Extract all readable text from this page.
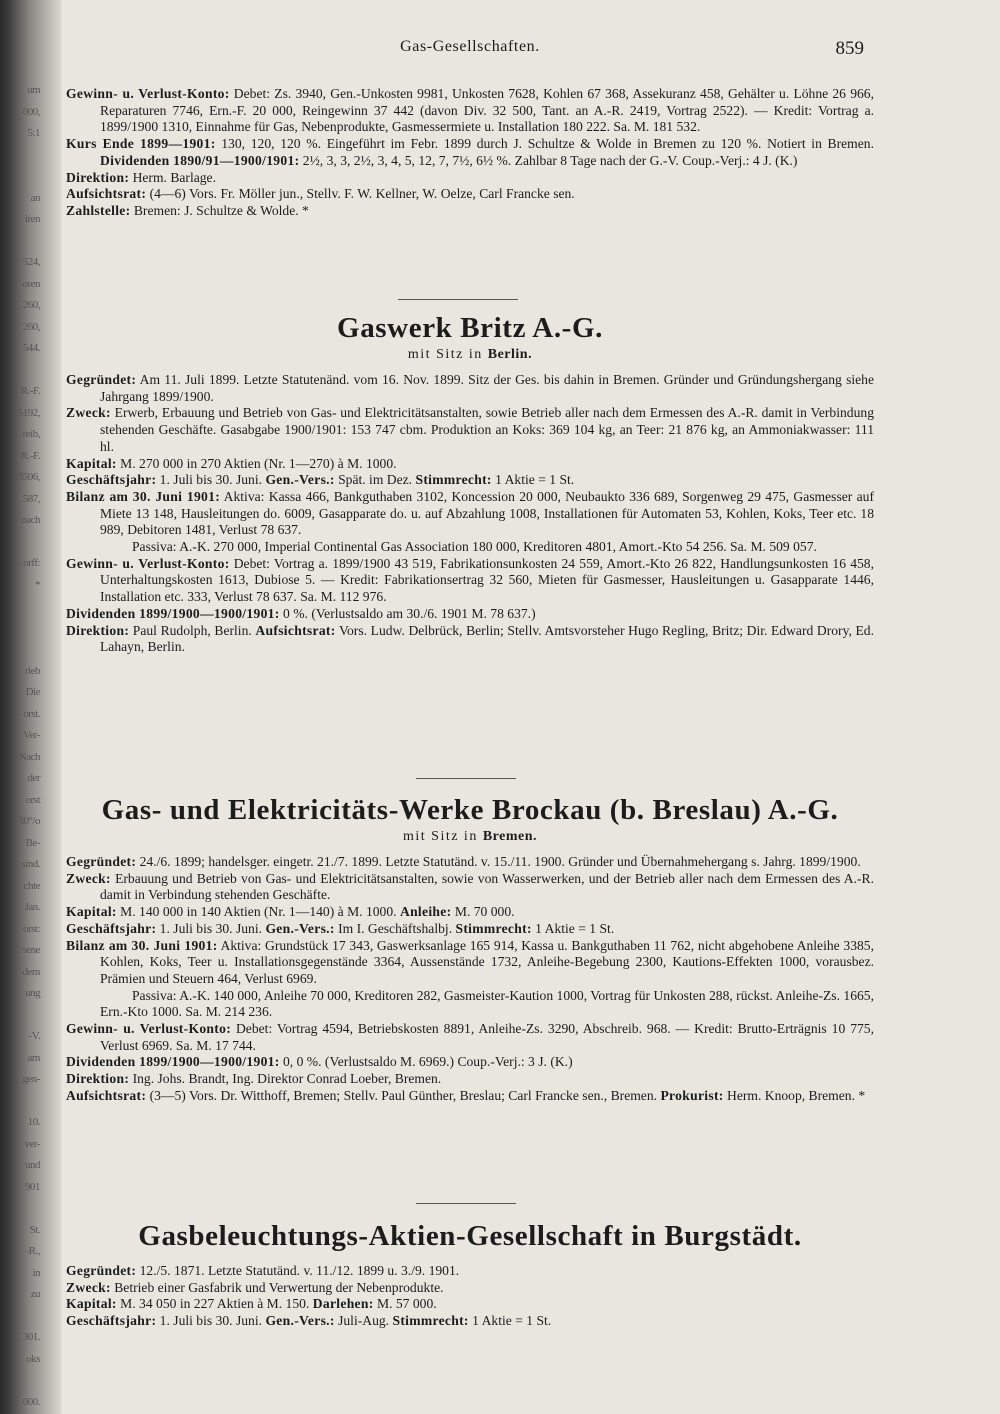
um
000,
5:1
an
iren
524,
oren
260,
260,
544.
R.-F.
5192,
reib,
R.-F.
3506,
587,
nach
orff:
*
rieb
Die
orst.
Ver-
Nach
der
orst
30°/o
Be-
sind.
chte
Jan.
orst:
sene
dem
ung
-V.
am
gen-
10.
ver-
und
901
St.
-R.,
in
zu
301.
oks
000.
Gas-Gesellschaften.	859

Gewinn- u. Verlust-Konto: Debet: Zs. 3940, Gen.-Unkosten 9981, Unkosten 7628, Kohlen 67 368, Assekuranz 458, Gehälter u. Löhne 26 966, Reparaturen 7746, Ern.-F. 20 000, Reingewinn 37 442 (davon Div. 32 500, Tant. an A.-R. 2419, Vortrag 2522). — Kredit: Vortrag a. 1899/1900 1310, Einnahme für Gas, Nebenprodukte, Gasmessermiete u. Installation 180 222. Sa. M. 181 532.

Kurs Ende 1899—1901: 130, 120, 120 %. Eingeführt im Febr. 1899 durch J. Schultze & Wolde in Bremen zu 120 %. Notiert in Bremen. Dividenden 1890/91—1900/1901: 2½, 3, 3, 2½, 3, 4, 5, 12, 7, 7½, 6½ %. Zahlbar 8 Tage nach der G.-V. Coup.-Verj.: 4 J. (K.)

Direktion: Herm. Barlage.

Aufsichtsrat: (4—6) Vors. Fr. Möller jun., Stellv. F. W. Kellner, W. Oelze, Carl Francke sen.

Zahlstelle: Bremen: J. Schultze & Wolde. *

Gaswerk Britz A.-G.

mit Sitz in Berlin.

Gegründet: Am 11. Juli 1899. Letzte Statutenänd. vom 16. Nov. 1899. Sitz der Ges. bis dahin in Bremen. Gründer und Gründungshergang siehe Jahrgang 1899/1900.

Zweck: Erwerb, Erbauung und Betrieb von Gas- und Elektricitätsanstalten, sowie Betrieb aller nach dem Ermessen des A.-R. damit in Verbindung stehenden Geschäfte. Gasabgabe 1900/1901: 153 747 cbm. Produktion an Koks: 369 104 kg, an Teer: 21 876 kg, an Ammoniakwasser: 111 hl.

Kapital: M. 270 000 in 270 Aktien (Nr. 1—270) à M. 1000.

Geschäftsjahr: 1. Juli bis 30. Juni. Gen.-Vers.: Spät. im Dez. Stimmrecht: 1 Aktie = 1 St.

Bilanz am 30. Juni 1901: Aktiva: Kassa 466, Bankguthaben 3102, Koncession 20 000, Neubaukto 336 689, Sorgenweg 29 475, Gasmesser auf Miete 13 148, Hausleitungen do. 6009, Gasapparate do. u. auf Abzahlung 1008, Installationen für Automaten 53, Kohlen, Koks, Teer etc. 18 989, Debitoren 1481, Verlust 78 637.

Passiva: A.-K. 270 000, Imperial Continental Gas Association 180 000, Kreditoren 4801, Amort.-Kto 54 256. Sa. M. 509 057.

Gewinn- u. Verlust-Konto: Debet: Vortrag a. 1899/1900 43 519, Fabrikationsunkosten 24 559, Amort.-Kto 26 822, Handlungsunkosten 16 458, Unterhaltungskosten 1613, Dubiose 5. — Kredit: Fabrikationsertrag 32 560, Mieten für Gasmesser, Hausleitungen u. Gasapparate 1446, Installation etc. 333, Verlust 78 637. Sa. M. 112 976.

Dividenden 1899/1900—1900/1901: 0 %. (Verlustsaldo am 30./6. 1901 M. 78 637.)

Direktion: Paul Rudolph, Berlin. Aufsichtsrat: Vors. Ludw. Delbrück, Berlin; Stellv. Amtsvorsteher Hugo Regling, Britz; Dir. Edward Drory, Ed. Lahayn, Berlin.

Gas- und Elektricitäts-Werke Brockau (b. Breslau) A.-G.

mit Sitz in Bremen.

Gegründet: 24./6. 1899; handelsger. eingetr. 21./7. 1899. Letzte Statutänd. v. 15./11. 1900. Gründer und Übernahmehergang s. Jahrg. 1899/1900.

Zweck: Erbauung und Betrieb von Gas- und Elektricitätsanstalten, sowie von Wasserwerken, und der Betrieb aller nach dem Ermessen des A.-R. damit in Verbindung stehenden Geschäfte.

Kapital: M. 140 000 in 140 Aktien (Nr. 1—140) à M. 1000. Anleihe: M. 70 000.

Geschäftsjahr: 1. Juli bis 30. Juni. Gen.-Vers.: Im I. Geschäftshalbj. Stimmrecht: 1 Aktie = 1 St.

Bilanz am 30. Juni 1901: Aktiva: Grundstück 17 343, Gaswerksanlage 165 914, Kassa u. Bankguthaben 11 762, nicht abgehobene Anleihe 3385, Kohlen, Koks, Teer u. Installationsgegenstände 3364, Aussenstände 1732, Anleihe-Begebung 2300, Kautions-Effekten 1000, vorausbez. Prämien und Steuern 464, Verlust 6969.

Passiva: A.-K. 140 000, Anleihe 70 000, Kreditoren 282, Gasmeister-Kaution 1000, Vortrag für Unkosten 288, rückst. Anleihe-Zs. 1665, Ern.-Kto 1000. Sa. M. 214 236.

Gewinn- u. Verlust-Konto: Debet: Vortrag 4594, Betriebskosten 8891, Anleihe-Zs. 3290, Abschreib. 968. — Kredit: Brutto-Erträgnis 10 775, Verlust 6969. Sa. M. 17 744.

Dividenden 1899/1900—1900/1901: 0, 0 %. (Verlustsaldo M. 6969.) Coup.-Verj.: 3 J. (K.)

Direktion: Ing. Johs. Brandt, Ing. Direktor Conrad Loeber, Bremen.

Aufsichtsrat: (3—5) Vors. Dr. Witthoff, Bremen; Stellv. Paul Günther, Breslau; Carl Francke sen., Bremen. Prokurist: Herm. Knoop, Bremen. *

Gasbeleuchtungs-Aktien-Gesellschaft in Burgstädt.

Gegründet: 12./5. 1871. Letzte Statutänd. v. 11./12. 1899 u. 3./9. 1901.

Zweck: Betrieb einer Gasfabrik und Verwertung der Nebenprodukte.

Kapital: M. 34 050 in 227 Aktien à M. 150. Darlehen: M. 57 000.

Geschäftsjahr: 1. Juli bis 30. Juni. Gen.-Vers.: Juli-Aug. Stimmrecht: 1 Aktie = 1 St.
